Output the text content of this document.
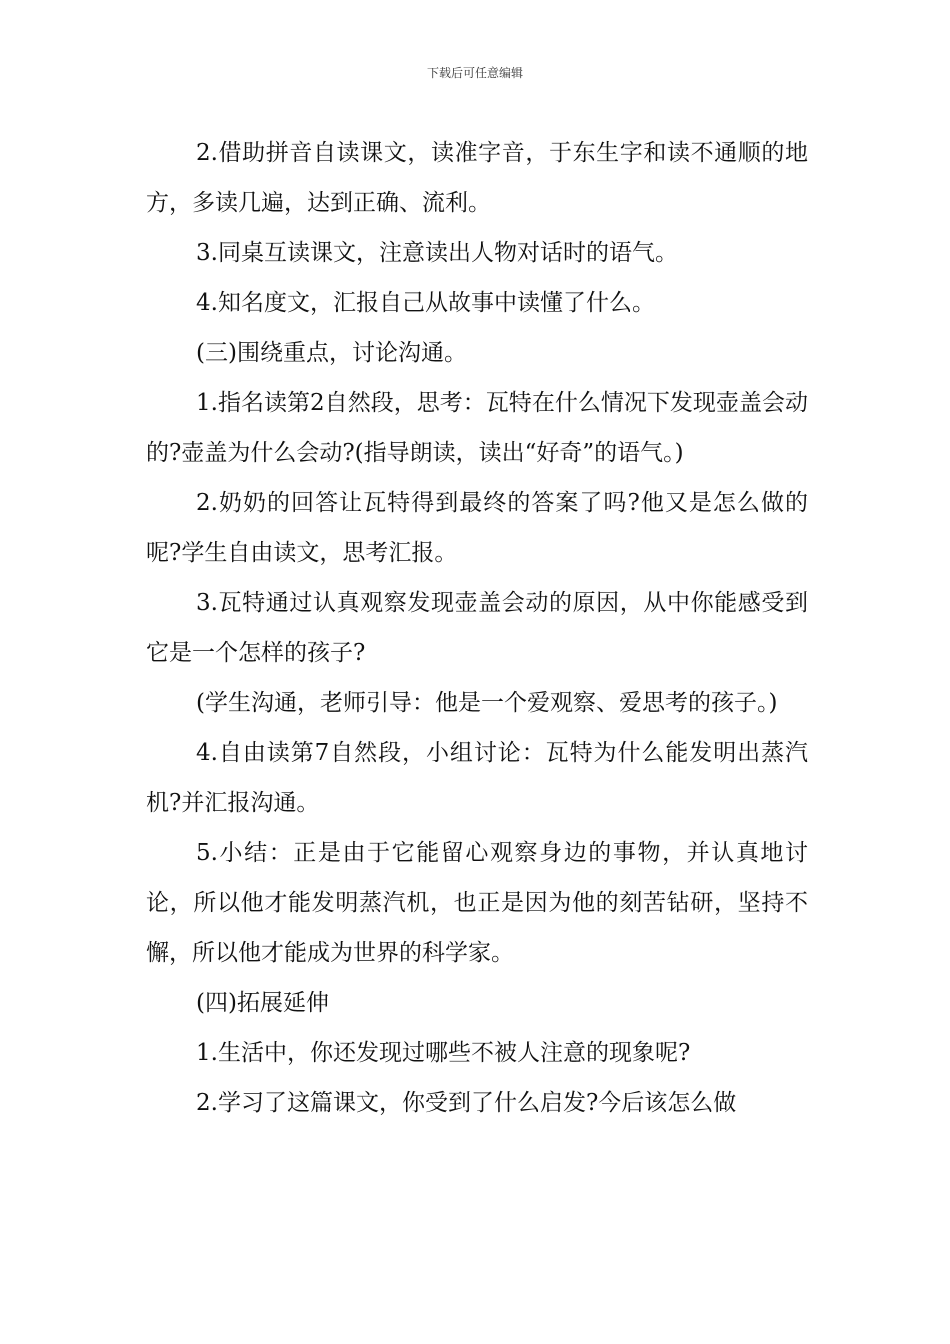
下载后可任意编辑

2.借助拼音自读课文，读准字音，于东生字和读不通顺的地方，多读几遍，达到正确、流利。

3.同桌互读课文，注意读出人物对话时的语气。

4.知名度文，汇报自己从故事中读懂了什么。

(三)围绕重点，讨论沟通。

1.指名读第2自然段，思考：瓦特在什么情况下发现壶盖会动的?壶盖为什么会动?(指导朗读，读出“好奇”的语气。)

2.奶奶的回答让瓦特得到最终的答案了吗?他又是怎么做的呢?学生自由读文，思考汇报。

3.瓦特通过认真观察发现壶盖会动的原因，从中你能感受到它是一个怎样的孩子?

(学生沟通，老师引导：他是一个爱观察、爱思考的孩子。)

4.自由读第7自然段，小组讨论：瓦特为什么能发明出蒸汽机?并汇报沟通。

5.小结：正是由于它能留心观察身边的事物，并认真地讨论，所以他才能发明蒸汽机，也正是因为他的刻苦钻研，坚持不懈，所以他才能成为世界的科学家。

(四)拓展延伸

1.生活中，你还发现过哪些不被人注意的现象呢?

2.学习了这篇课文，你受到了什么启发?今后该怎么做
